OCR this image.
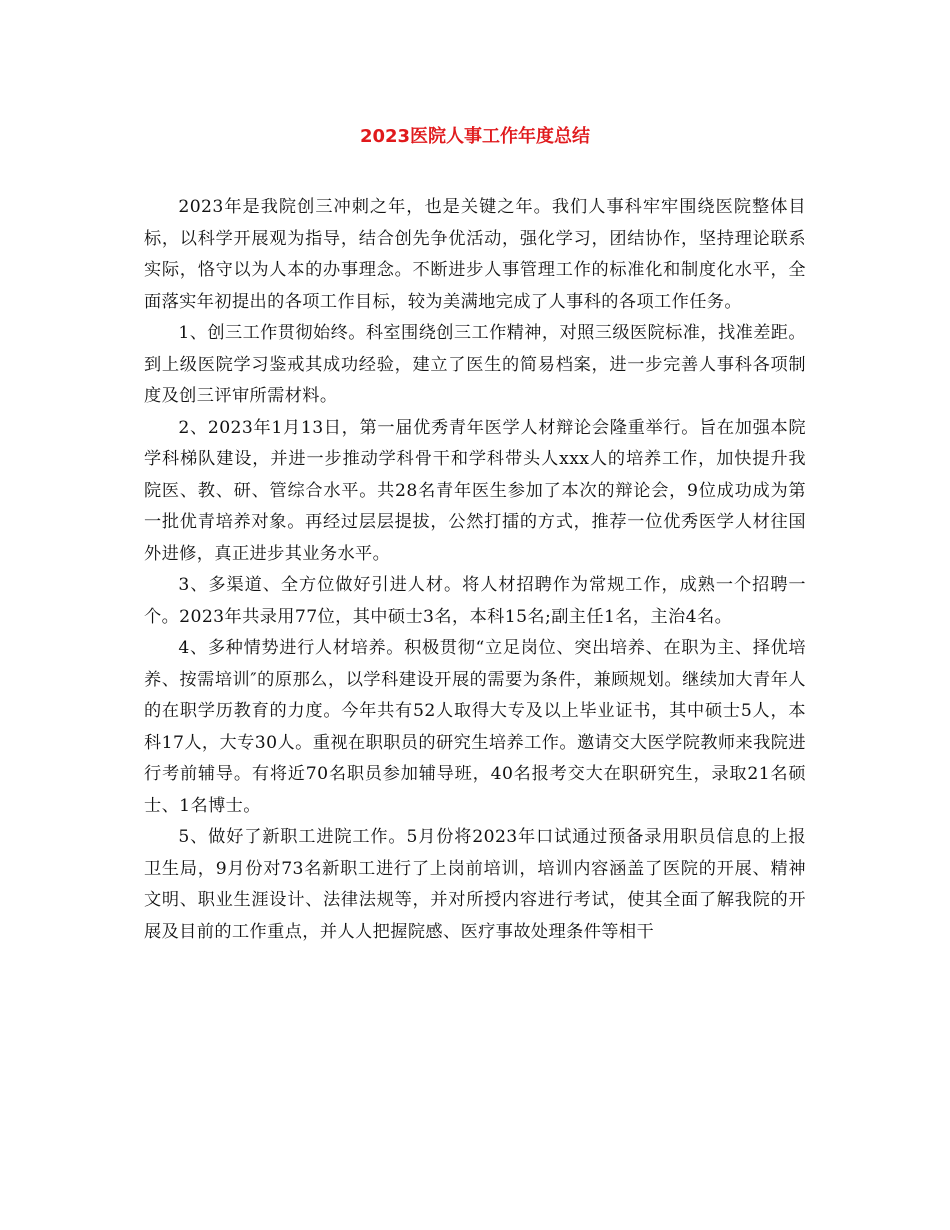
2023医院人事工作年度总结

2023年是我院创三冲刺之年，也是关键之年。我们人事科牢牢围绕医院整体目标，以科学开展观为指导，结合创先争优活动，强化学习，团结协作，坚持理论联系实际，恪守以为人本的办事理念。不断进步人事管理工作的标准化和制度化水平，全面落实年初提出的各项工作目标，较为美满地完成了人事科的各项工作任务。

1、创三工作贯彻始终。科室围绕创三工作精神，对照三级医院标准，找准差距。到上级医院学习鉴戒其成功经验，建立了医生的简易档案，进一步完善人事科各项制度及创三评审所需材料。

2、2023年1月13日，第一届优秀青年医学人材辩论会隆重举行。旨在加强本院学科梯队建设，并进一步推动学科骨干和学科带头人xxx人的培养工作，加快提升我院医、教、研、管综合水平。共28名青年医生参加了本次的辩论会，9位成功成为第一批优青培养对象。再经过层层提拔，公然打擂的方式，推荐一位优秀医学人材往国外进修，真正进步其业务水平。

3、多渠道、全方位做好引进人材。将人材招聘作为常规工作，成熟一个招聘一个。2023年共录用77位，其中硕士3名，本科15名;副主任1名，主治4名。

4、多种情势进行人材培养。积极贯彻“立足岗位、突出培养、在职为主、择优培养、按需培训″的原那么，以学科建设开展的需要为条件，兼顾规划。继续加大青年人的在职学历教育的力度。今年共有52人取得大专及以上毕业证书，其中硕士5人，本科17人，大专30人。重视在职职员的研究生培养工作。邀请交大医学院教师来我院进行考前辅导。有将近70名职员参加辅导班，40名报考交大在职研究生，录取21名硕士、1名博士。

5、做好了新职工进院工作。5月份将2023年口试通过预备录用职员信息的上报卫生局，9月份对73名新职工进行了上岗前培训，培训内容涵盖了医院的开展、精神文明、职业生涯设计、法律法规等，并对所授内容进行考试，使其全面了解我院的开展及目前的工作重点，并人人把握院感、医疗事故处理条件等相干
